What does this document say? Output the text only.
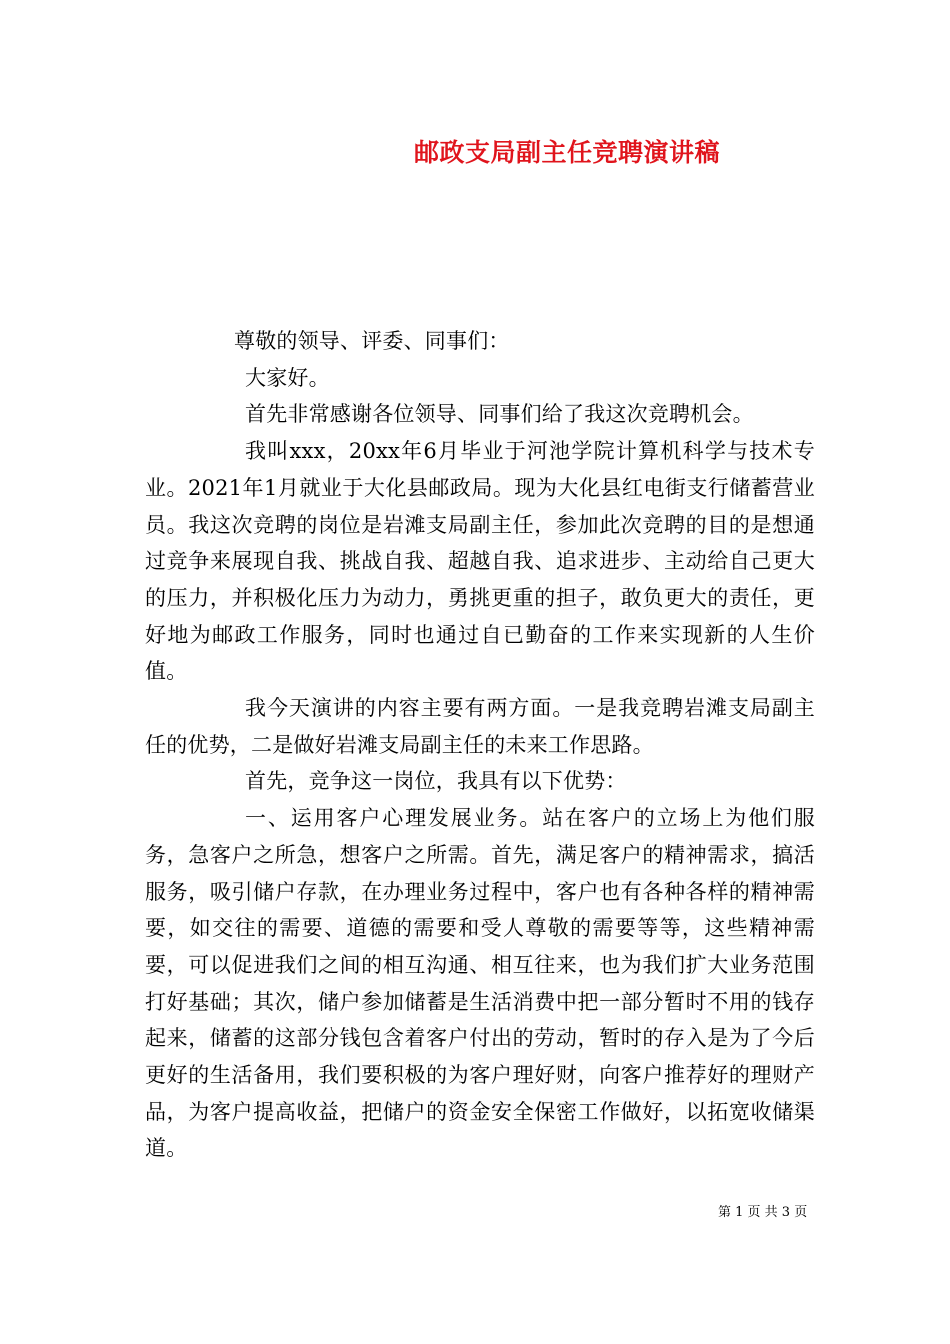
邮政支局副主任竞聘演讲稿

尊敬的领导、评委、同事们：

大家好。

首先非常感谢各位领导、同事们给了我这次竞聘机会。

我叫xxx，20xx年6月毕业于河池学院计算机科学与技术专业。2021年1月就业于大化县邮政局。现为大化县红电街支行储蓄营业员。我这次竞聘的岗位是岩滩支局副主任，参加此次竞聘的目的是想通过竞争来展现自我、挑战自我、超越自我、追求进步、主动给自己更大的压力，并积极化压力为动力，勇挑更重的担子，敢负更大的责任，更好地为邮政工作服务，同时也通过自已勤奋的工作来实现新的人生价值。

我今天演讲的内容主要有两方面。一是我竞聘岩滩支局副主任的优势，二是做好岩滩支局副主任的未来工作思路。

首先，竞争这一岗位，我具有以下优势：

一、运用客户心理发展业务。站在客户的立场上为他们服务，急客户之所急，想客户之所需。首先，满足客户的精神需求，搞活服务，吸引储户存款，在办理业务过程中，客户也有各种各样的精神需要，如交往的需要、道德的需要和受人尊敬的需要等等，这些精神需要，可以促进我们之间的相互沟通、相互往来，也为我们扩大业务范围打好基础；其次，储户参加储蓄是生活消费中把一部分暂时不用的钱存起来，储蓄的这部分钱包含着客户付出的劳动，暂时的存入是为了今后更好的生活备用，我们要积极的为客户理好财，向客户推荐好的理财产品，为客户提高收益，把储户的资金安全保密工作做好，以拓宽收储渠道。

第 1 页 共 3 页
